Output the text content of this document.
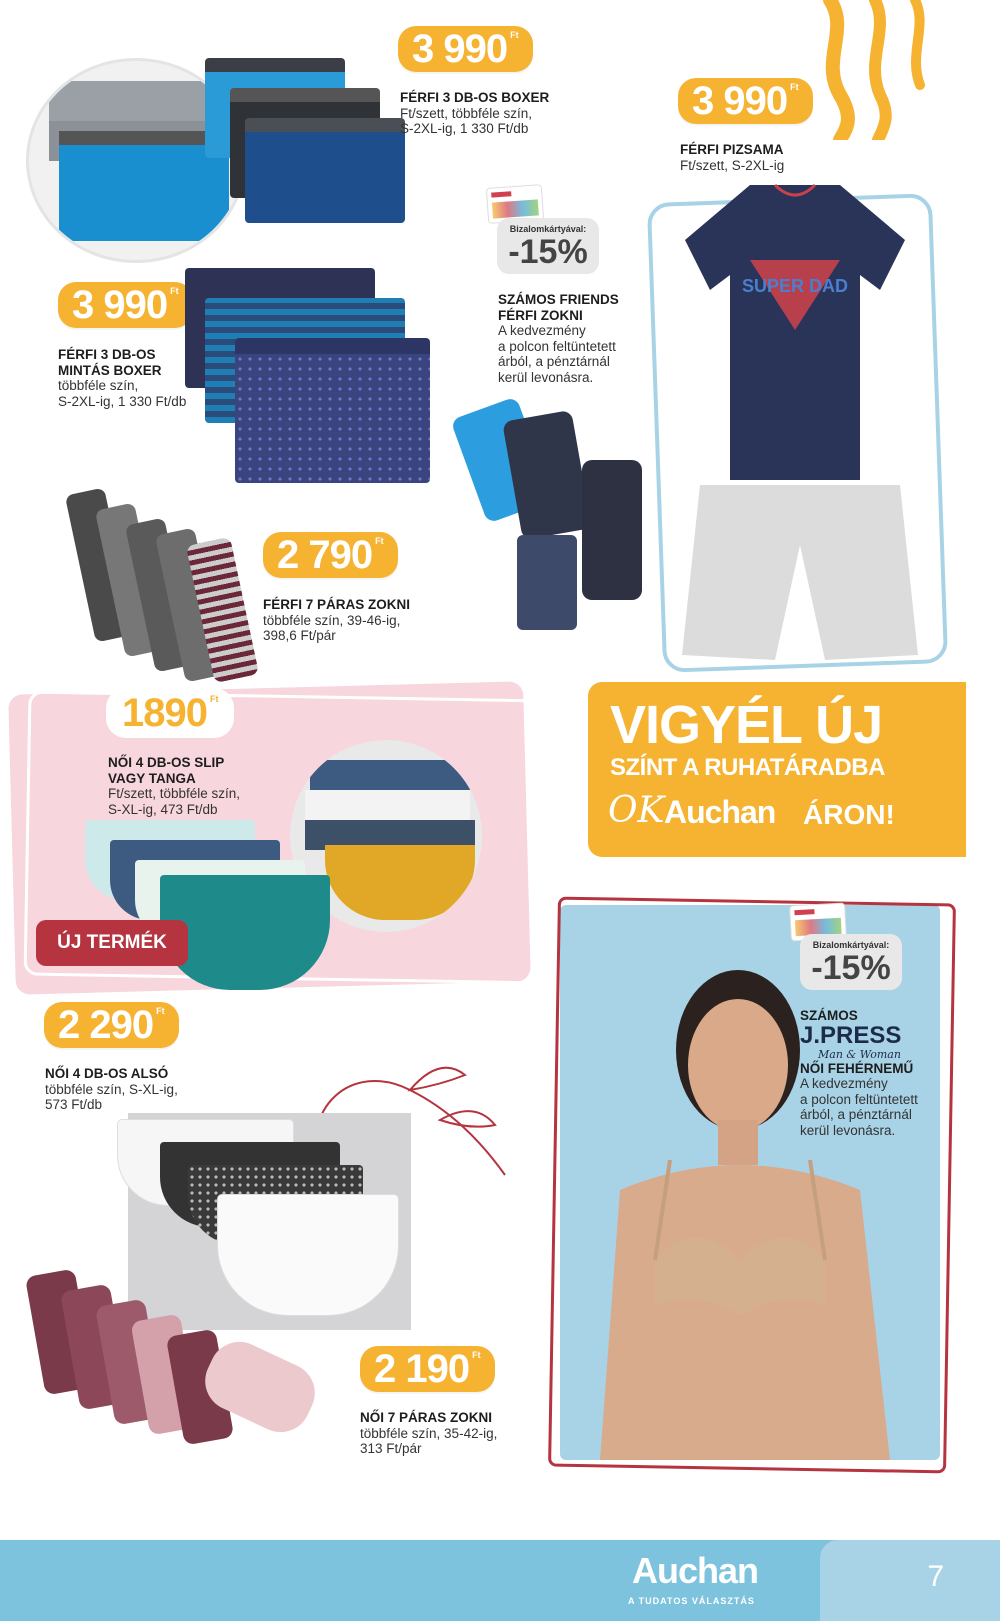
3 990 $^{Ft}$
FÉRFI 3 DB-OS BOXER
Ft/szett, többféle szín,
S-2XL-ig, 1 330 Ft/db
3 990 $^{Ft}$
FÉRFI PIZSAMA
Ft/szett, S-2XL-ig
SUPER DAD
3 990 $^{Ft}$
FÉRFI 3 DB-OS
MINTÁS BOXER
többféle szín,
S-2XL-ig, 1 330 Ft/db
Bizalomkártyával:
-15%
SZÁMOS FRIENDS
FÉRFI ZOKNI
A kedvezmény
a polcon feltüntetett
árból, a pénztárnál
kerül levonásra.
2 790 $^{Ft}$
FÉRFI 7 PÁRAS ZOKNI
többféle szín, 39-46-ig,
398,6 Ft/pár
1890 $^{Ft}$
NŐI 4 DB-OS SLIP
VAGY TANGA
Ft/szett, többféle szín,
S-XL-ig, 473 Ft/db
ÚJ TERMÉK
VIGYÉL ÚJ
SZÍNT A RUHATÁRADBA
OK Auchan ÁRON!
Bizalomkártyával:
-15%
SZÁMOS
J.PRESS
Man & Woman
NŐI FEHÉRNEMŰ
A kedvezmény
a polcon feltüntetett
árból, a pénztárnál
kerül levonásra.
2 290 $^{Ft}$
NŐI 4 DB-OS ALSÓ
többféle szín, S-XL-ig,
573 Ft/db
2 190 $^{Ft}$
NŐI 7 PÁRAS ZOKNI
többféle szín, 35-42-ig,
313 Ft/pár
Auchan
A TUDATOS VÁLASZTÁS
7
